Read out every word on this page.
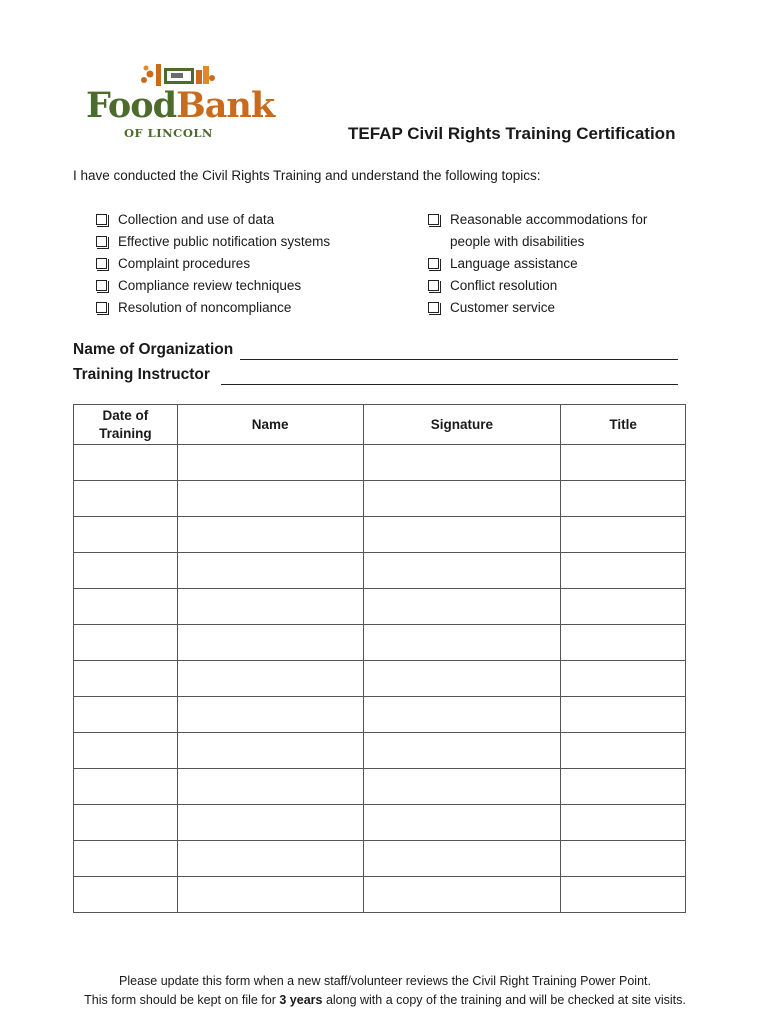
FoodBank
OF LINCOLN	TEFAP Civil Rights Training Certification
I have conducted the Civil Rights Training and understand the following topics:
Collection and use of data
Effective public notification systems
Complaint procedures
Compliance review techniques
Resolution of noncompliance
Reasonable accommodations for
people with disabilities
Language assistance
Conflict resolution
Customer service
Name of Organization
Training Instructor
Date of
Training	Name	Signature	Title

Please update this form when a new staff/volunteer reviews the Civil Right Training Power Point.
This form should be kept on file for 3 years along with a copy of the training and will be checked at site visits.
